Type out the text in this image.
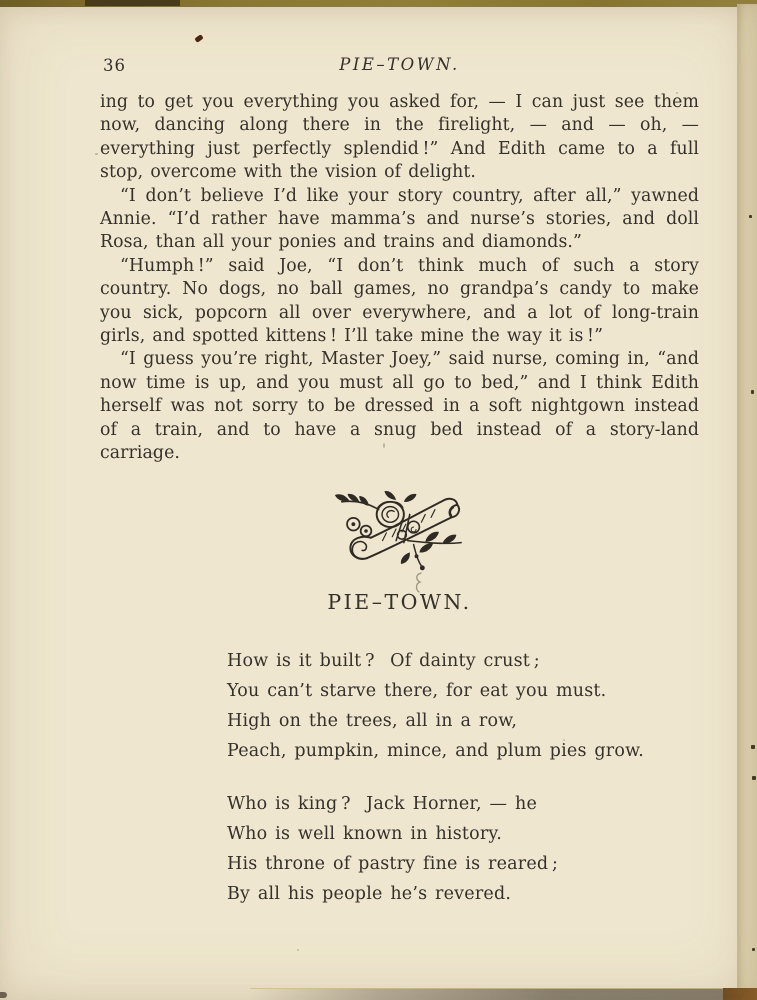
36	PIE–TOWN.

ing to get you everything you asked for, — I can just see them now, dancing along there in the firelight, — and — oh, — everything just perfectly splendid !” And Edith came to a full stop, overcome with the vision of delight.

“I don’t believe I’d like your story country, after all,” yawned Annie. “I’d rather have mamma’s and nurse’s stories, and doll Rosa, than all your ponies and trains and diamonds.”

“Humph !” said Joe, “I don’t think much of such a story country. No dogs, no ball games, no grandpa’s candy to make you sick, popcorn all over everywhere, and a lot of long-train girls, and spotted kittens ! I’ll take mine the way it is !”

“I guess you’re right, Master Joey,” said nurse, coming in, “and now time is up, and you must all go to bed,” and I think Edith herself was not sorry to be dressed in a soft nightgown instead of a train, and to have a snug bed instead of a story-land carriage.

PIE–TOWN.
How is it built ?  Of dainty crust ;
You can’t starve there, for eat you must.
High on the trees, all in a row,
Peach, pumpkin, mince, and plum pies grow.
Who is king ?  Jack Horner, — he
Who is well known in history.
His throne of pastry fine is reared ;
By all his people he’s revered.
